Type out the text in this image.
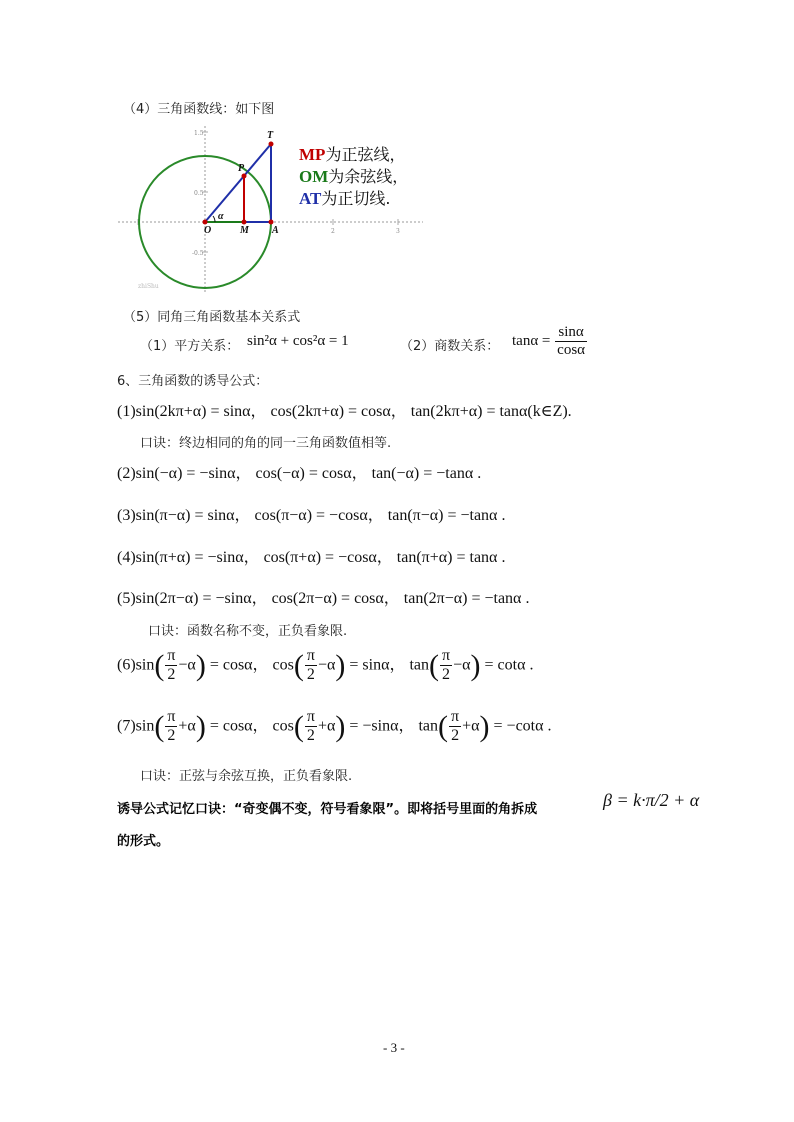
（4）三角函数线：如下图
1.5
0.5
-0.5
2	3
T
P
O	M A
α
zhiShu
MP为正弦线，
OM为余弦线，
AT为正切线.
（5）同角三角函数基本关系式
（1）平方关系： sin²α + cos²α = 1	（2）商数关系： $\tan\alpha = \frac{\sin\alpha}{\cos\alpha}$
6、三角函数的诱导公式：
(1)sin(2kπ+α) = sinα， cos(2kπ+α) = cosα， tan(2kπ+α) = tanα(k∈Z).
口诀：终边相同的角的同一三角函数值相等.
(2)sin(−α) = −sinα， cos(−α) = cosα， tan(−α) = −tanα .
(3)sin(π−α) = sinα， cos(π−α) = −cosα， tan(π−α) = −tanα .
(4)sin(π+α) = −sinα， cos(π+α) = −cosα， tan(π+α) = tanα .
(5)sin(2π−α) = −sinα， cos(2π−α) = cosα， tan(2π−α) = −tanα .
口诀：函数名称不变，正负看象限.
$(6)\sin( \frac{\pi}{2} -\alpha) = \cos\alpha$， $\cos( \frac{\pi}{2} -\alpha) = \sin\alpha$， $\tan( \frac{\pi}{2} -\alpha) = \cot\alpha$ .
$(7)\sin( \frac{\pi}{2} +\alpha) = \cos\alpha$， $\cos( \frac{\pi}{2} +\alpha) = -\sin\alpha$， $\tan( \frac{\pi}{2} +\alpha) = -\cot\alpha$ .
口诀：正弦与余弦互换，正负看象限.
诱导公式记忆口诀：“奇变偶不变，符号看象限”。即将括号里面的角拆成	β = k·π/2 + α
的形式。
- 3 -
